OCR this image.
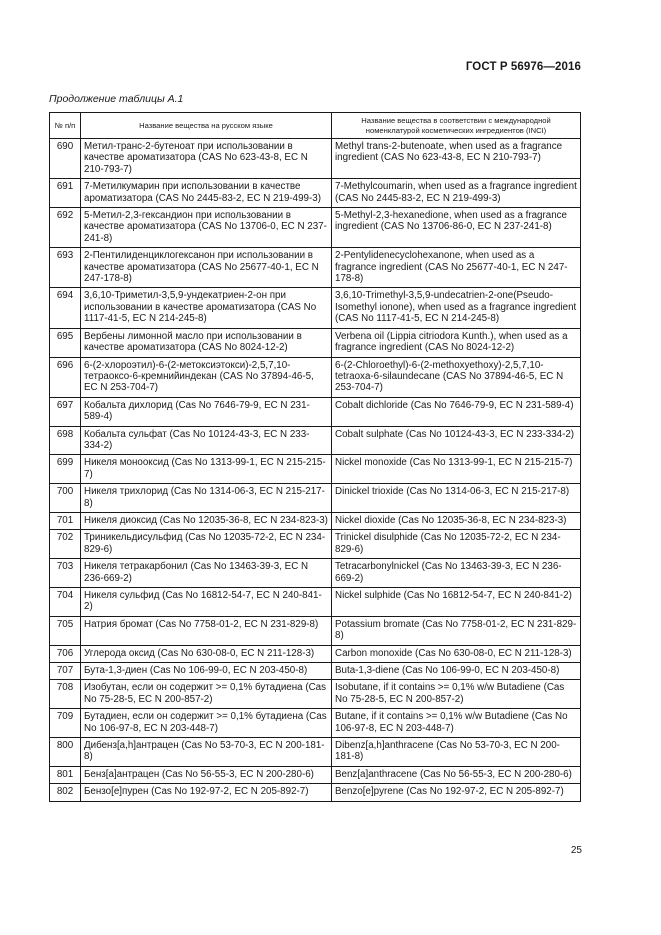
ГОСТ Р 56976—2016
Продолжение таблицы А.1
№ п/п	Название вещества на русском языке	Название вещества в соответствии с международной номенклатурой косметических ингредиентов (INCI)
690	Метил-транс-2-бутеноат при использовании в качестве ароматизатора (CAS No 623-43-8, EC N 210-793-7)	Methyl trans-2-butenoate, when used as a fragrance ingredient (CAS No 623-43-8, EC N 210-793-7)
691	7-Метилкумарин при использовании в качестве ароматизатора (CAS No 2445-83-2, EC N 219-499-3)	7-Methylcoumarin, when used as a fragrance ingredient (CAS No 2445-83-2, EC N 219-499-3)
692	5-Метил-2,3-гександион при использовании в качестве ароматизатора (CAS No 13706-0, EC N 237-241-8)	5-Methyl-2,3-hexanedione, when used as a fragrance ingredient (CAS No 13706-86-0, EC N 237-241-8)
693	2-Пентилиденциклогексанон при использовании в качестве ароматизатора (CAS No 25677-40-1, EC N 247-178-8)	2-Pentylidenecyclohexanone, when used as a fragrance ingredient (CAS No 25677-40-1, EC N 247-178-8)
694	3,6,10-Триметил-3,5,9-ундекатриен-2-он при использовании в качестве ароматизатора (CAS No 1117-41-5, EC N 214-245-8)	3,6,10-Trimethyl-3,5,9-undecatrien-2-one(Pseudo-Isomethyl ionone), when used as a fragrance ingredient (CAS No 1117-41-5, EC N 214-245-8)
695	Вербены лимонной масло при использовании в качестве ароматизатора (CAS No 8024-12-2)	Verbena oil (Lippia citriodora Kunth.), when used as a fragrance ingredient (CAS No 8024-12-2)
696	6-(2-хлороэтил)-6-(2-метоксиэтокси)-2,5,7,10-тетраоксо-6-кремнийиндекан (CAS No 37894-46-5, EC N 253-704-7)	6-(2-Chloroethyl)-6-(2-methoxyethoxy)-2,5,7,10-tetraoxa-6-silaundecane (CAS No 37894-46-5, EC N 253-704-7)
697	Кобальта дихлорид (Cas No 7646-79-9, EC N 231-589-4)	Cobalt dichloride (Cas No 7646-79-9, EC N 231-589-4)
698	Кобальта сульфат (Cas No 10124-43-3, EC N 233-334-2)	Cobalt sulphate (Cas No 10124-43-3, EC N 233-334-2)
699	Никеля монооксид (Cas No 1313-99-1, EC N 215-215-7)	Nickel monoxide (Cas No 1313-99-1, EC N 215-215-7)
700	Никеля трихлорид (Cas No 1314-06-3, EC N 215-217-8)	Dinickel trioxide (Cas No 1314-06-3, EC N 215-217-8)
701	Никеля диоксид (Cas No 12035-36-8, EC N 234-823-3)	Nickel dioxide (Cas No 12035-36-8, EC N 234-823-3)
702	Триникельдисульфид (Cas No 12035-72-2, EC N 234-829-6)	Trinickel disulphide (Cas No 12035-72-2, EC N 234-829-6)
703	Никеля тетракарбонил (Cas No 13463-39-3, EC N 236-669-2)	Tetracarbonylnickel (Cas No 13463-39-3, EC N 236-669-2)
704	Никеля сульфид (Cas No 16812-54-7, EC N 240-841-2)	Nickel sulphide (Cas No 16812-54-7, EC N 240-841-2)
705	Натрия бромат (Cas No 7758-01-2, EC N 231-829-8)	Potassium bromate (Cas No 7758-01-2, EC N 231-829-8)
706	Углерода оксид (Cas No 630-08-0, EC N 211-128-3)	Carbon monoxide (Cas No 630-08-0, EC N 211-128-3)
707	Бута-1,3-диен (Cas No 106-99-0, EC N 203-450-8)	Buta-1,3-diene (Cas No 106-99-0, EC N 203-450-8)
708	Изобутан, если он содержит >= 0,1% бутадиена (Cas No 75-28-5, EC N 200-857-2)	Isobutane, if it contains >= 0,1% w/w Butadiene (Cas No 75-28-5, EC N 200-857-2)
709	Бутадиен, если он содержит >= 0,1% бутадиена (Cas No 106-97-8, EC N 203-448-7)	Butane, if it contains >= 0,1% w/w Butadiene (Cas No 106-97-8, EC N 203-448-7)
800	Дибенз[a,h]антрацен (Cas No 53-70-3, EC N 200-181-8)	Dibenz[a,h]anthracene (Cas No 53-70-3, EC N 200-181-8)
801	Бенз[a]антрацен (Cas No 56-55-3, EC N 200-280-6)	Benz[a]anthracene (Cas No 56-55-3, EC N 200-280-6)
802	Бензо[e]пурен (Cas No 192-97-2, EC N 205-892-7)	Benzo[e]pyrene (Cas No 192-97-2, EC N 205-892-7)
25
